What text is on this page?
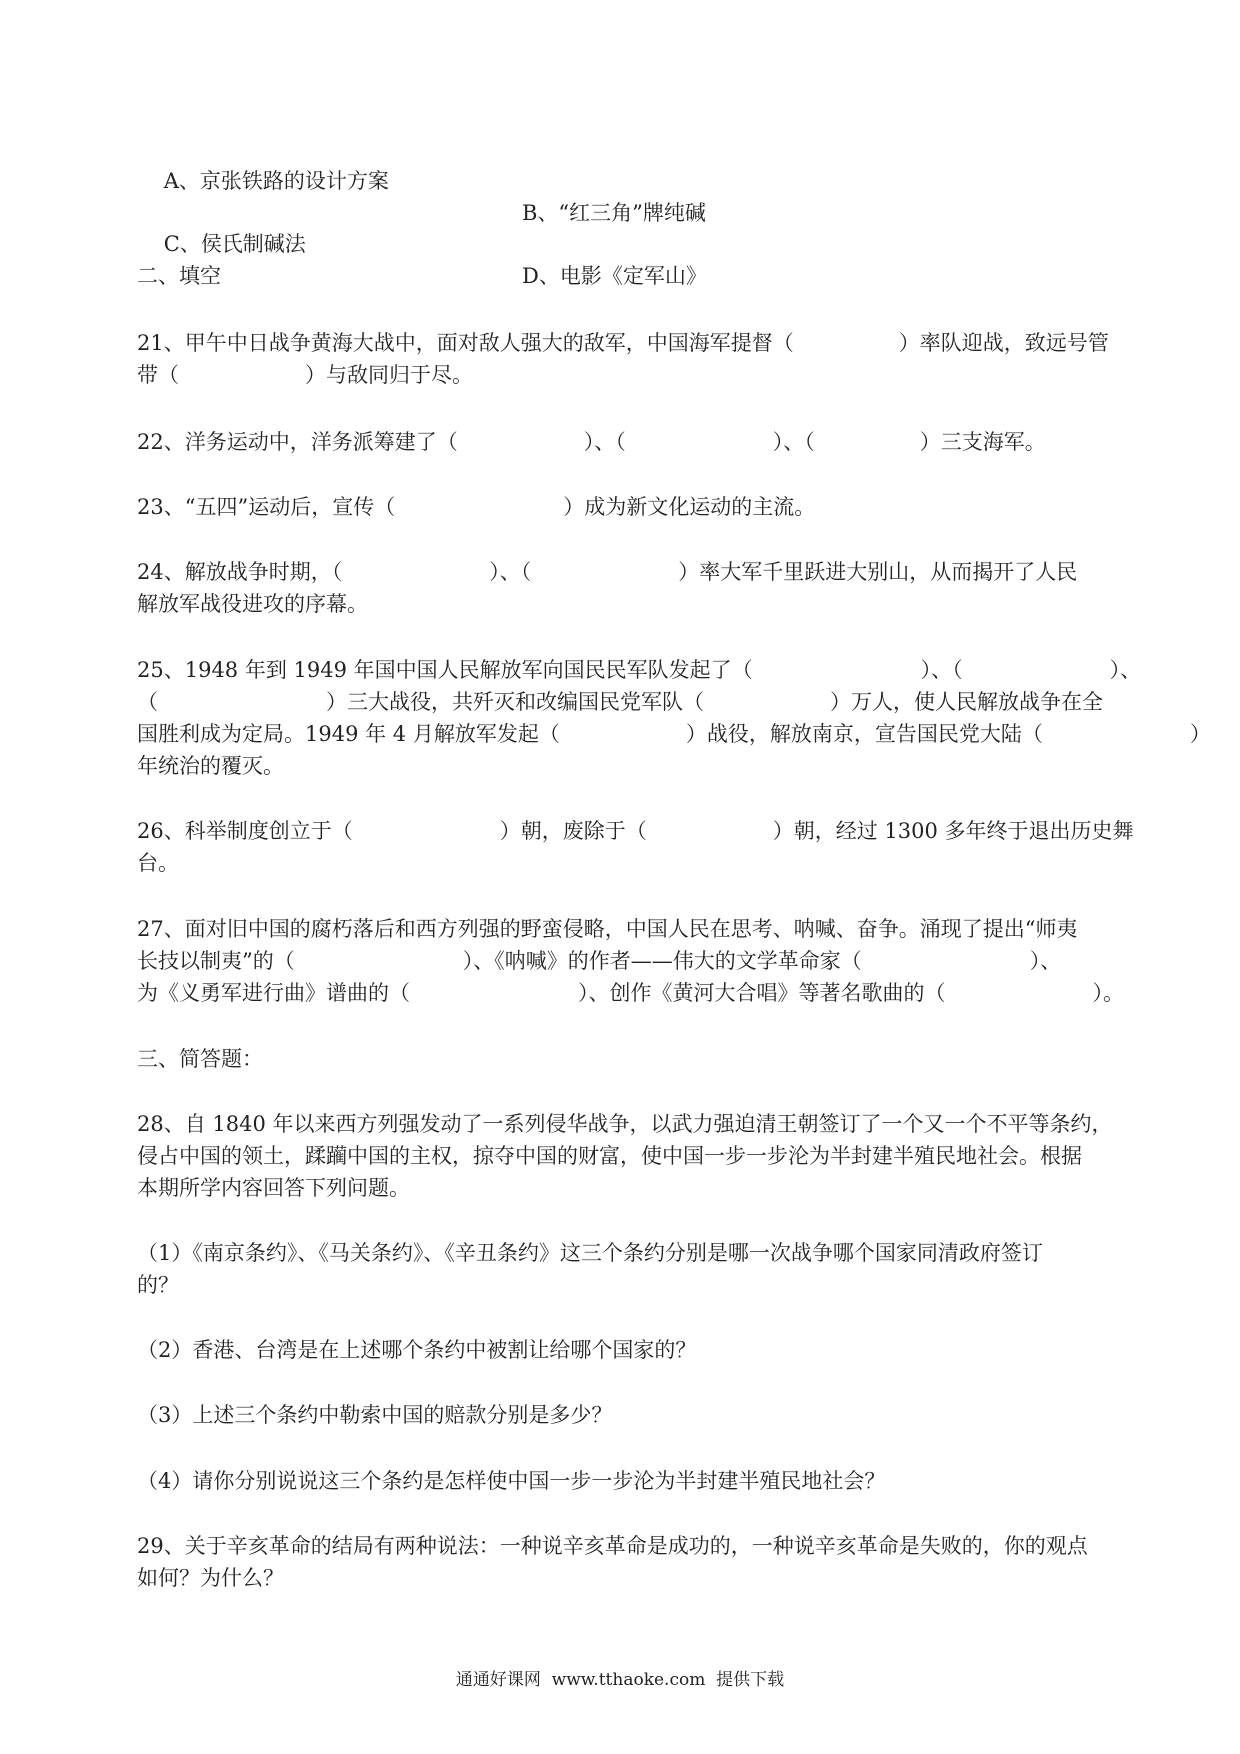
A、京张铁路的设计方案

B、“红三角”牌纯碱

C、侯氏制碱法

D、电影《定军山》

二、填空
21、甲午中日战争黄海大战中，面对敌人强大的敌军，中国海军提督（　　　　　）率队迎战，致远号管
带（　　　　　　）与敌同归于尽。
22、洋务运动中，洋务派筹建了（　　　　　　）、（　　　　　　　）、（　　　　　）三支海军。
23、“五四”运动后，宣传（　　　　　　　　）成为新文化运动的主流。
24、解放战争时期，（　　　　　　　）、（　　　　　　　）率大军千里跃进大别山，从而揭开了人民
解放军战役进攻的序幕。
25、1948 年到 1949 年国中国人民解放军向国民民军队发起了（　　　　　　　　）、（　　　　　　　）、
（　　　　　　　　）三大战役，共歼灭和改编国民党军队（　　　　　　）万人，使人民解放战争在全
国胜利成为定局。1949 年 4 月解放军发起（　　　　　　）战役，解放南京，宣告国民党大陆（　　　　　　　）
年统治的覆灭。
26、科举制度创立于（　　　　　　　）朝，废除于（　　　　　　）朝，经过 1300 多年终于退出历史舞
台。
27、面对旧中国的腐朽落后和西方列强的野蛮侵略，中国人民在思考、呐喊、奋争。涌现了提出“师夷
长技以制夷”的（　　　　　　　　）、《呐喊》的作者——伟大的文学革命家（　　　　　　　　）、
为《义勇军进行曲》谱曲的（　　　　　　　　）、创作《黄河大合唱》等著名歌曲的（　　　　　　　）。
三、简答题：
28、自 1840 年以来西方列强发动了一系列侵华战争，以武力强迫清王朝签订了一个又一个不平等条约，
侵占中国的领土，蹂躏中国的主权，掠夺中国的财富，使中国一步一步沦为半封建半殖民地社会。根据
本期所学内容回答下列问题。
（1）《南京条约》、《马关条约》、《辛丑条约》这三个条约分别是哪一次战争哪个国家同清政府签订
的？
（2）香港、台湾是在上述哪个条约中被割让给哪个国家的？
（3）上述三个条约中勒索中国的赔款分别是多少？
（4）请你分别说说这三个条约是怎样使中国一步一步沦为半封建半殖民地社会？
29、关于辛亥革命的结局有两种说法：一种说辛亥革命是成功的，一种说辛亥革命是失败的，你的观点
如何？为什么？
通通好课网  www.tthaoke.com  提供下载
